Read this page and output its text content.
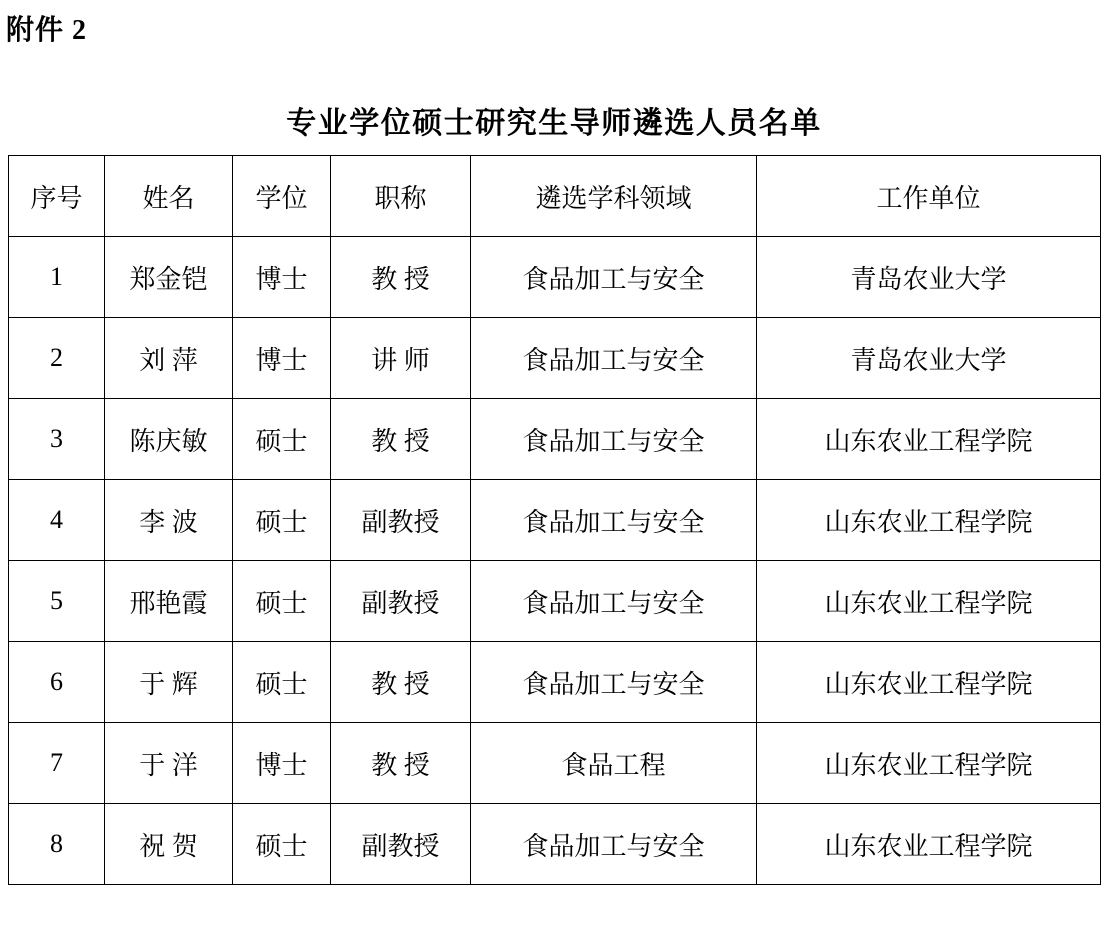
附件 2
专业学位硕士研究生导师遴选人员名单
序号	姓名	学位	职称	遴选学科领域	工作单位
1	郑金铠	博士	教 授	食品加工与安全	青岛农业大学
2	刘 萍	博士	讲 师	食品加工与安全	青岛农业大学
3	陈庆敏	硕士	教 授	食品加工与安全	山东农业工程学院
4	李 波	硕士	副教授	食品加工与安全	山东农业工程学院
5	邢艳霞	硕士	副教授	食品加工与安全	山东农业工程学院
6	于 辉	硕士	教 授	食品加工与安全	山东农业工程学院
7	于 洋	博士	教 授	食品工程	山东农业工程学院
8	祝 贺	硕士	副教授	食品加工与安全	山东农业工程学院
